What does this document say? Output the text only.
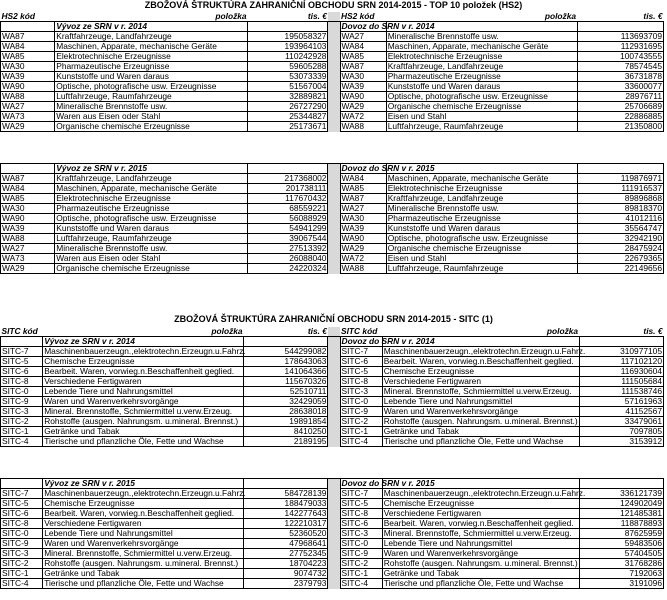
ZBOŽOVÁ ŠTRUKTÚRA ZAHRANIČNÍ OBCHODU SRN 2014-2015 - TOP 10 položek (HS2)
HS2 kód	položka	tis. €		HS2 kód	položka	tis. €
	Vývoz ze SRN v r. 2014			Dovoz do SRN v r. 2014		
WA87	Kraftfahrzeuge, Landfahrzeuge	195058327		WA27	Mineralische Brennstoffe usw.	113693709
WA84	Maschinen, Apparate, mechanische Geräte	193964103		WA84	Maschinen, Apparate, mechanische Geräte	112931695
WA85	Elektrotechnische Erzeugnisse	110242928		WA85	Elektrotechnische Erzeugnisse	100743555
WA30	Pharmazeutische Erzeugnisse	59605288		WA87	Kraftfahrzeuge, Landfahrzeuge	78574545
WA39	Kunststoffe und Waren daraus	53073339		WA30	Pharmazeutische Erzeugnisse	36731878
WA90	Optische, photografische usw. Erzeugnisse	51567004		WA39	Kunststoffe und Waren daraus	33600077
WA88	Luftfahrzeuge, Raumfahrzeuge	32889821		WA90	Optische, photografische usw. Erzeugnisse	28976711
WA27	Mineralische Brennstoffe usw.	26727290		WA29	Organische chemische Erzeugnisse	25706689
WA73	Waren aus Eisen oder Stahl	25344827		WA72	Eisen und Stahl	22886885
WA29	Organische chemische Erzeugnisse	25173671		WA88	Luftfahrzeuge, Raumfahrzeuge	21350800

	Vývoz ze SRN v r. 2015			Dovoz do SRN v r. 2015		
WA87	Kraftfahrzeuge, Landfahrzeuge	217368002		WA84	Maschinen, Apparate, mechanische Geräte	119876971
WA84	Maschinen, Apparate, mechanische Geräte	201738111		WA85	Elektrotechnische Erzeugnisse	111916537
WA85	Elektrotechnische Erzeugnisse	117670432		WA87	Kraftfahrzeuge, Landfahrzeuge	89896868
WA30	Pharmazeutische Erzeugnisse	68559221		WA27	Mineralische Brennstoffe usw.	89818370
WA90	Optische, photografische usw. Erzeugnisse	56088929		WA30	Pharmazeutische Erzeugnisse	41012116
WA39	Kunststoffe und Waren daraus	54941299		WA39	Kunststoffe und Waren daraus	35564747
WA88	Luftfahrzeuge, Raumfahrzeuge	39067544		WA90	Optische, photografische usw. Erzeugnisse	32942190
WA27	Mineralische Brennstoffe usw.	27513392		WA29	Organische chemische Erzeugnisse	28475924
WA73	Waren aus Eisen oder Stahl	26088040		WA72	Eisen und Stahl	22679365
WA29	Organische chemische Erzeugnisse	24220324		WA88	Luftfahrzeuge, Raumfahrzeuge	22149656
ZBOŽOVÁ ŠTRUKTÚRA ZAHRANIČNÍ OBCHODU SRN 2014-2015 - SITC (1)
SITC kód	položka	tis. €		SITC kód	položka	tis. €
	Vývoz ze SRN v r. 2014			Dovoz do SRN v r. 2014		
SITC-7	Maschinenbauerzeugn.,elektrotechn.Erzeugn.u.Fahrz.	544299082		SITC-7	Maschinenbauerzeugn.,elektrotechn.Erzeugn.u.Fahrz.	310977105
SITC-5	Chemische Erzeugnisse	178643063		SITC-6	Bearbeit. Waren, vorwieg.n.Beschaffenheit geglied.	117102120
SITC-6	Bearbeit. Waren, vorwieg.n.Beschaffenheit geglied.	141064366		SITC-5	Chemische Erzeugnisse	116930604
SITC-8	Verschiedene Fertigwaren	115670326		SITC-8	Verschiedene Fertigwaren	111505684
SITC-0	Lebende Tiere und Nahrungsmittel	52510711		SITC-3	Mineral. Brennstoffe, Schmiermittel u.verw.Erzeug.	111538746
SITC-9	Waren und Warenverkehrsvorgänge	32429059		SITC-0	Lebende Tiere und Nahrungsmittel	57161963
SITC-3	Mineral. Brennstoffe, Schmiermittel u.verw.Erzeug.	28638018		SITC-9	Waren und Warenverkehrsvorgänge	41152567
SITC-2	Rohstoffe (ausgen. Nahrungsm. u.mineral. Brennst.)	19891854		SITC-2	Rohstoffe (ausgen. Nahrungsm. u.mineral. Brennst.)	33479061
SITC-1	Getränke und Tabak	8410250		SITC-1	Getränke und Tabak	7097805
SITC-4	Tierische und pflanzliche Öle, Fette und Wachse	2189195		SITC-4	Tierische und pflanzliche Öle, Fette und Wachse	3153912

	Vývoz ze SRN v r. 2015			Dovoz do SRN v r. 2015		
SITC-7	Maschinenbauerzeugn.,elektrotechn.Erzeugn.u.Fahrz.	584728139		SITC-7	Maschinenbauerzeugn.,elektrotechn.Erzeugn.u.Fahrz.	336121739
SITC-5	Chemische Erzeugnisse	188479033		SITC-5	Chemische Erzeugnisse	124902049
SITC-6	Bearbeit. Waren, vorwieg.n.Beschaffenheit geglied.	142277643		SITC-8	Verschiedene Fertigwaren	121485381
SITC-8	Verschiedene Fertigwaren	122210317		SITC-6	Bearbeit. Waren, vorwieg.n.Beschaffenheit geglied.	118878893
SITC-0	Lebende Tiere und Nahrungsmittel	52360520		SITC-3	Mineral. Brennstoffe, Schmiermittel u.verw.Erzeug.	87625959
SITC-9	Waren und Warenverkehrsvorgänge	47968641		SITC-0	Lebende Tiere und Nahrungsmittel	59483506
SITC-3	Mineral. Brennstoffe, Schmiermittel u.verw.Erzeug.	27752345		SITC-9	Waren und Warenverkehrsvorgänge	57404505
SITC-2	Rohstoffe (ausgen. Nahrungsm. u.mineral. Brennst.)	18704223		SITC-2	Rohstoffe (ausgen. Nahrungsm. u.mineral. Brennst.)	31768286
SITC-1	Getränke und Tabak	9074732		SITC-1	Getränke und Tabak	7192063
SITC-4	Tierische und pflanzliche Öle, Fette und Wachse	2379793		SITC-4	Tierische und pflanzliche Öle, Fette und Wachse	3191096
